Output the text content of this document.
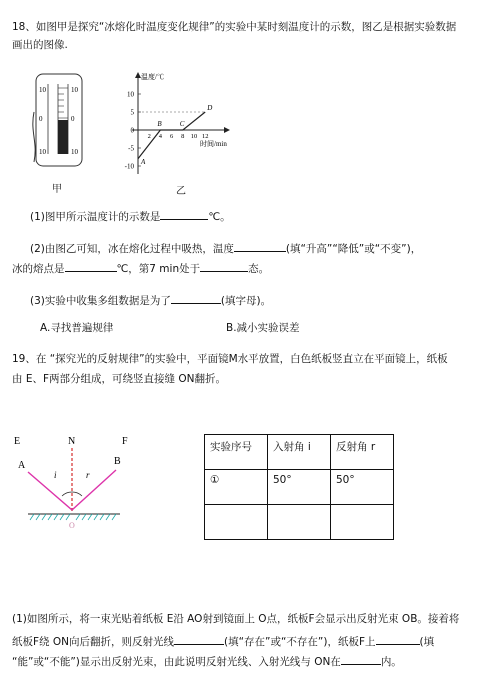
18、如图甲是探究“冰熔化时温度变化规律”的实验中某时刻温度计的示数，图乙是根据实验数据
画出的图像.
10
0
10
10
0
10
甲
温度/℃
时间/min
10
5
0
-5
-10
2 4 6 8 10 12
A
B	C
D
乙
(1)图甲所示温度计的示数是	℃。
(2)由图乙可知，冰在熔化过程中吸热，温度	(填“升高”“降低”或“不变”)，
冰的熔点是	℃，第7 min处于	态。
(3)实验中收集多组数据是为了	(填字母)。
A.寻找普遍规律	B.减小实验误差
19、在 “探究光的反射规律”的实验中，平面镜M水平放置，白色纸板竖直立在平面镜上，纸板
由 E、F两部分组成，可绕竖直接缝 ON翻折。
E	N	F
A	B
i	r
O
实验序号	入射角 i	反射角 r
①	50°	50°

(1)如图所示，将一束光贴着纸板 E沿 AO射到镜面上 O点，纸板F会显示出反射光束 OB。接着将
纸板F绕 ON向后翻折，则反射光线	(填“存在”或“不存在”)，纸板F上	(填
“能”或“不能”)显示出反射光束，由此说明反射光线、入射光线与 ON在	内。
